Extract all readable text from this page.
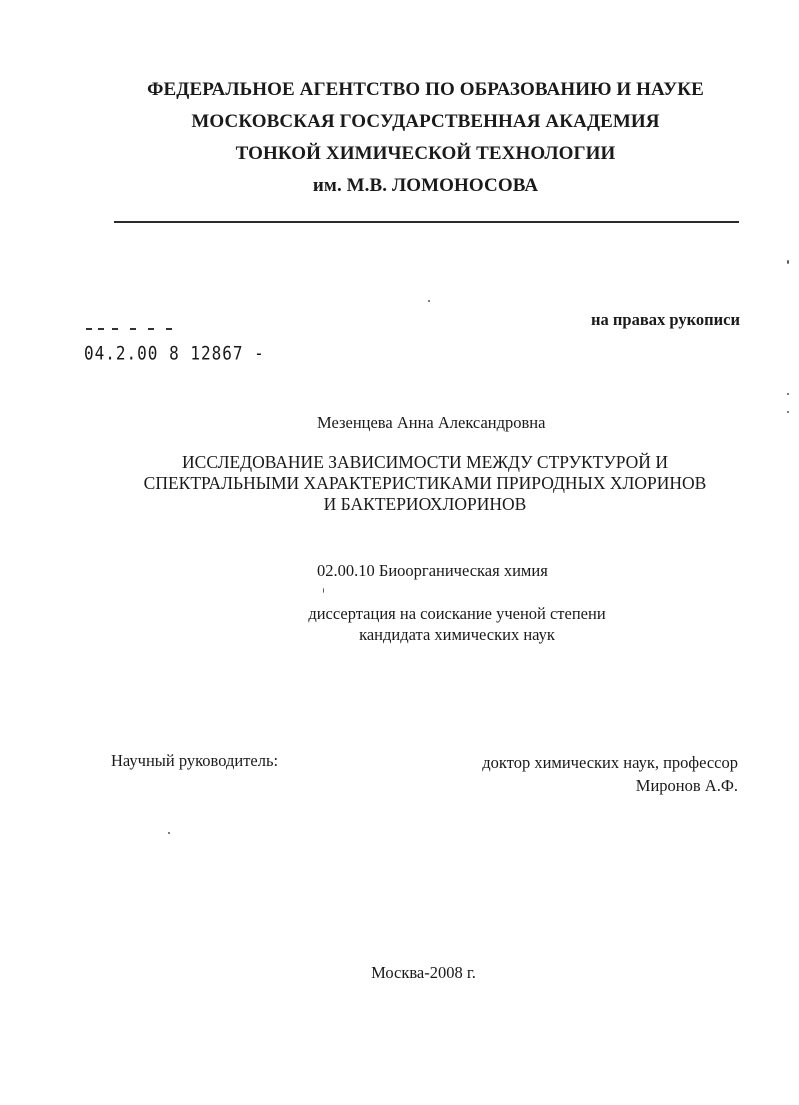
ФЕДЕРАЛЬНОЕ АГЕНТСТВО ПО ОБРАЗОВАНИЮ И НАУКЕ
МОСКОВСКАЯ ГОСУДАРСТВЕННАЯ АКАДЕМИЯ
ТОНКОЙ ХИМИЧЕСКОЙ ТЕХНОЛОГИИ
им. М.В. ЛОМОНОСОВА
на правах рукописи
04.2.00 8 12867 -
Мезенцева Анна Александровна
ИССЛЕДОВАНИЕ ЗАВИСИМОСТИ МЕЖДУ СТРУКТУРОЙ И
СПЕКТРАЛЬНЫМИ ХАРАКТЕРИСТИКАМИ ПРИРОДНЫХ ХЛОРИНОВ
И БАКТЕРИОХЛОРИНОВ
02.00.10 Биоорганическая химия
диссертация на соискание ученой степени
кандидата химических наук
Научный руководитель:	доктор химических наук, профессор
Миронов А.Ф.
Москва-2008 г.
